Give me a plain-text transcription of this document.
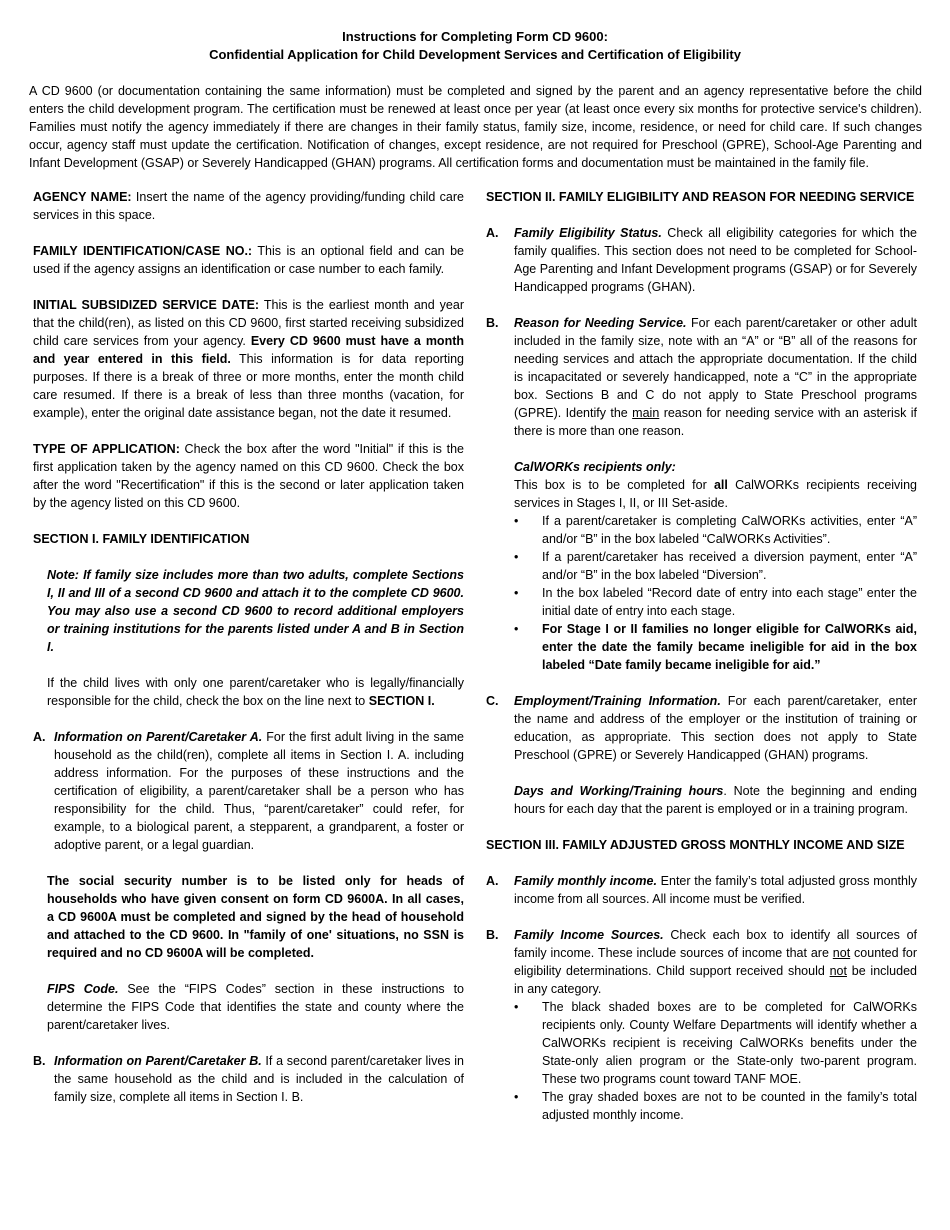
Instructions for Completing Form CD 9600:
Confidential Application for Child Development Services and Certification of Eligibility

A CD 9600 (or documentation containing the same information) must be completed and signed by the parent and an agency representative before the child enters the child development program. The certification must be renewed at least once per year (at least once every six months for protective service's children). Families must notify the agency immediately if there are changes in their family status, family size, income, residence, or need for child care. If such changes occur, agency staff must update the certification. Notification of changes, except residence, are not required for Preschool (GPRE), School-Age Parenting and Infant Development (GSAP) or Severely Handicapped (GHAN) programs. All certification forms and documentation must be maintained in the family file.

AGENCY NAME: Insert the name of the agency providing/funding child care services in this space.

FAMILY IDENTIFICATION/CASE NO.: This is an optional field and can be used if the agency assigns an identification or case number to each family.

INITIAL SUBSIDIZED SERVICE DATE: This is the earliest month and year that the child(ren), as listed on this CD 9600, first started receiving subsidized child care services from your agency. Every CD 9600 must have a month and year entered in this field. This information is for data reporting purposes. If there is a break of three or more months, enter the month child care resumed. If there is a break of less than three months (vacation, for example), enter the original date assistance began, not the date it resumed.

TYPE OF APPLICATION: Check the box after the word "Initial" if this is the first application taken by the agency named on this CD 9600. Check the box after the word "Recertification" if this is the second or later application taken by the agency listed on this CD 9600.

SECTION I. FAMILY IDENTIFICATION

Note: If family size includes more than two adults, complete Sections I, II and III of a second CD 9600 and attach it to the complete CD 9600. You may also use a second CD 9600 to record additional employers or training institutions for the parents listed under A and B in Section I.

If the child lives with only one parent/caretaker who is legally/financially responsible for the child, check the box on the line next to SECTION I.

A. Information on Parent/Caretaker A. For the first adult living in the same household as the child(ren), complete all items in Section I. A. including address information. For the purposes of these instructions and the certification of eligibility, a parent/caretaker shall be a person who has responsibility for the child. Thus, “parent/caretaker” could refer, for example, to a biological parent, a stepparent, a grandparent, a foster or adoptive parent, or a legal guardian.

The social security number is to be listed only for heads of households who have given consent on form CD 9600A. In all cases, a CD 9600A must be completed and signed by the head of household and attached to the CD 9600. In "family of one' situations, no SSN is required and no CD 9600A will be completed.

FIPS Code. See the “FIPS Codes” section in these instructions to determine the FIPS Code that identifies the state and county where the parent/caretaker lives.

B. Information on Parent/Caretaker B. If a second parent/caretaker lives in the same household as the child and is included in the calculation of family size, complete all items in Section I. B.

SECTION II. FAMILY ELIGIBILITY AND REASON FOR NEEDING SERVICE

A. Family Eligibility Status. Check all eligibility categories for which the family qualifies. This section does not need to be completed for School-Age Parenting and Infant Development programs (GSAP) or for Severely Handicapped programs (GHAN).

B. Reason for Needing Service. For each parent/caretaker or other adult included in the family size, note with an “A” or “B” all of the reasons for needing services and attach the appropriate documentation. If the child is incapacitated or severely handicapped, note a “C” in the appropriate box. Sections B and C do not apply to State Preschool programs (GPRE). Identify the main reason for needing service with an asterisk if there is more than one reason.

CalWORKs recipients only:

This box is to be completed for all CalWORKs recipients receiving services in Stages I, II, or III Set-aside.

• If a parent/caretaker is completing CalWORKs activities, enter “A” and/or “B” in the box labeled “CalWORKs Activities”.

• If a parent/caretaker has received a diversion payment, enter “A” and/or “B” in the box labeled “Diversion”.

• In the box labeled “Record date of entry into each stage” enter the initial date of entry into each stage.

• For Stage I or II families no longer eligible for CalWORKs aid, enter the date the family became ineligible for aid in the box labeled “Date family became ineligible for aid.”

C. Employment/Training Information. For each parent/caretaker, enter the name and address of the employer or the institution of training or education, as appropriate. This section does not apply to State Preschool (GPRE) or Severely Handicapped (GHAN) programs.

Days and Working/Training hours. Note the beginning and ending hours for each day that the parent is employed or in a training program.

SECTION III. FAMILY ADJUSTED GROSS MONTHLY INCOME AND SIZE

A. Family monthly income. Enter the family’s total adjusted gross monthly income from all sources. All income must be verified.

B. Family Income Sources. Check each box to identify all sources of family income. These include sources of income that are not counted for eligibility determinations. Child support received should not be included in any category.

• The black shaded boxes are to be completed for CalWORKs recipients only. County Welfare Departments will identify whether a CalWORKs recipient is receiving CalWORKs benefits under the State-only alien program or the State-only two-parent program. These two programs count toward TANF MOE.

• The gray shaded boxes are not to be counted in the family’s total adjusted monthly income.
